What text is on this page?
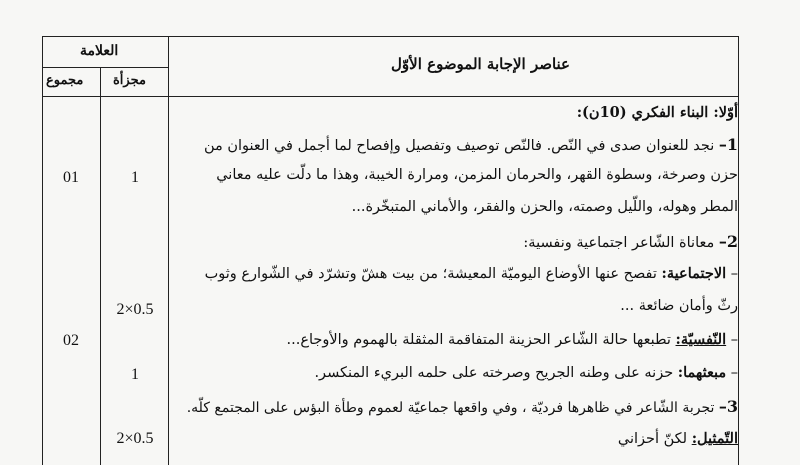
العلامة
مجزأة
مجموع
عناصر الإجابة الموضوع الأوّل
أوّلا: البناء الفكري (10ن):
1– نجد للعنوان صدى في النّص. فالنّص توصيف وتفصيل وإفصاح لما أجمل في العنوان من
حزن وصرخة، وسطوة القهر، والحرمان المزمن، ومرارة الخيبة، وهذا ما دلّت عليه معاني
المطر وهوله، واللّيل وصمته، والحزن والفقر، والأماني المتبخّرة...
2– معاناة الشّاعر اجتماعية ونفسية:
– الاجتماعية: تفصح عنها الأوضاع اليوميّة المعيشة؛ من بيت هشّ وتشرّد في الشّوارع وثوب
رثّ وأمان ضائعة ...
– النّفسيّة: تطبعها حالة الشّاعر الحزينة المتفاقمة المثقلة بالهموم والأوجاع...
– مبعثهما: حزنه على وطنه الجريح وصرخته على حلمه البريء المنكسر.
3– تجربة الشّاعر في ظاهرها فرديّة ، وفي واقعها جماعيّة لعموم وطأة البؤس على المجتمع كلّه.
التّمثيل: لكنّ أحزاني
1
01
2×0.5
02
1
2×0.5
